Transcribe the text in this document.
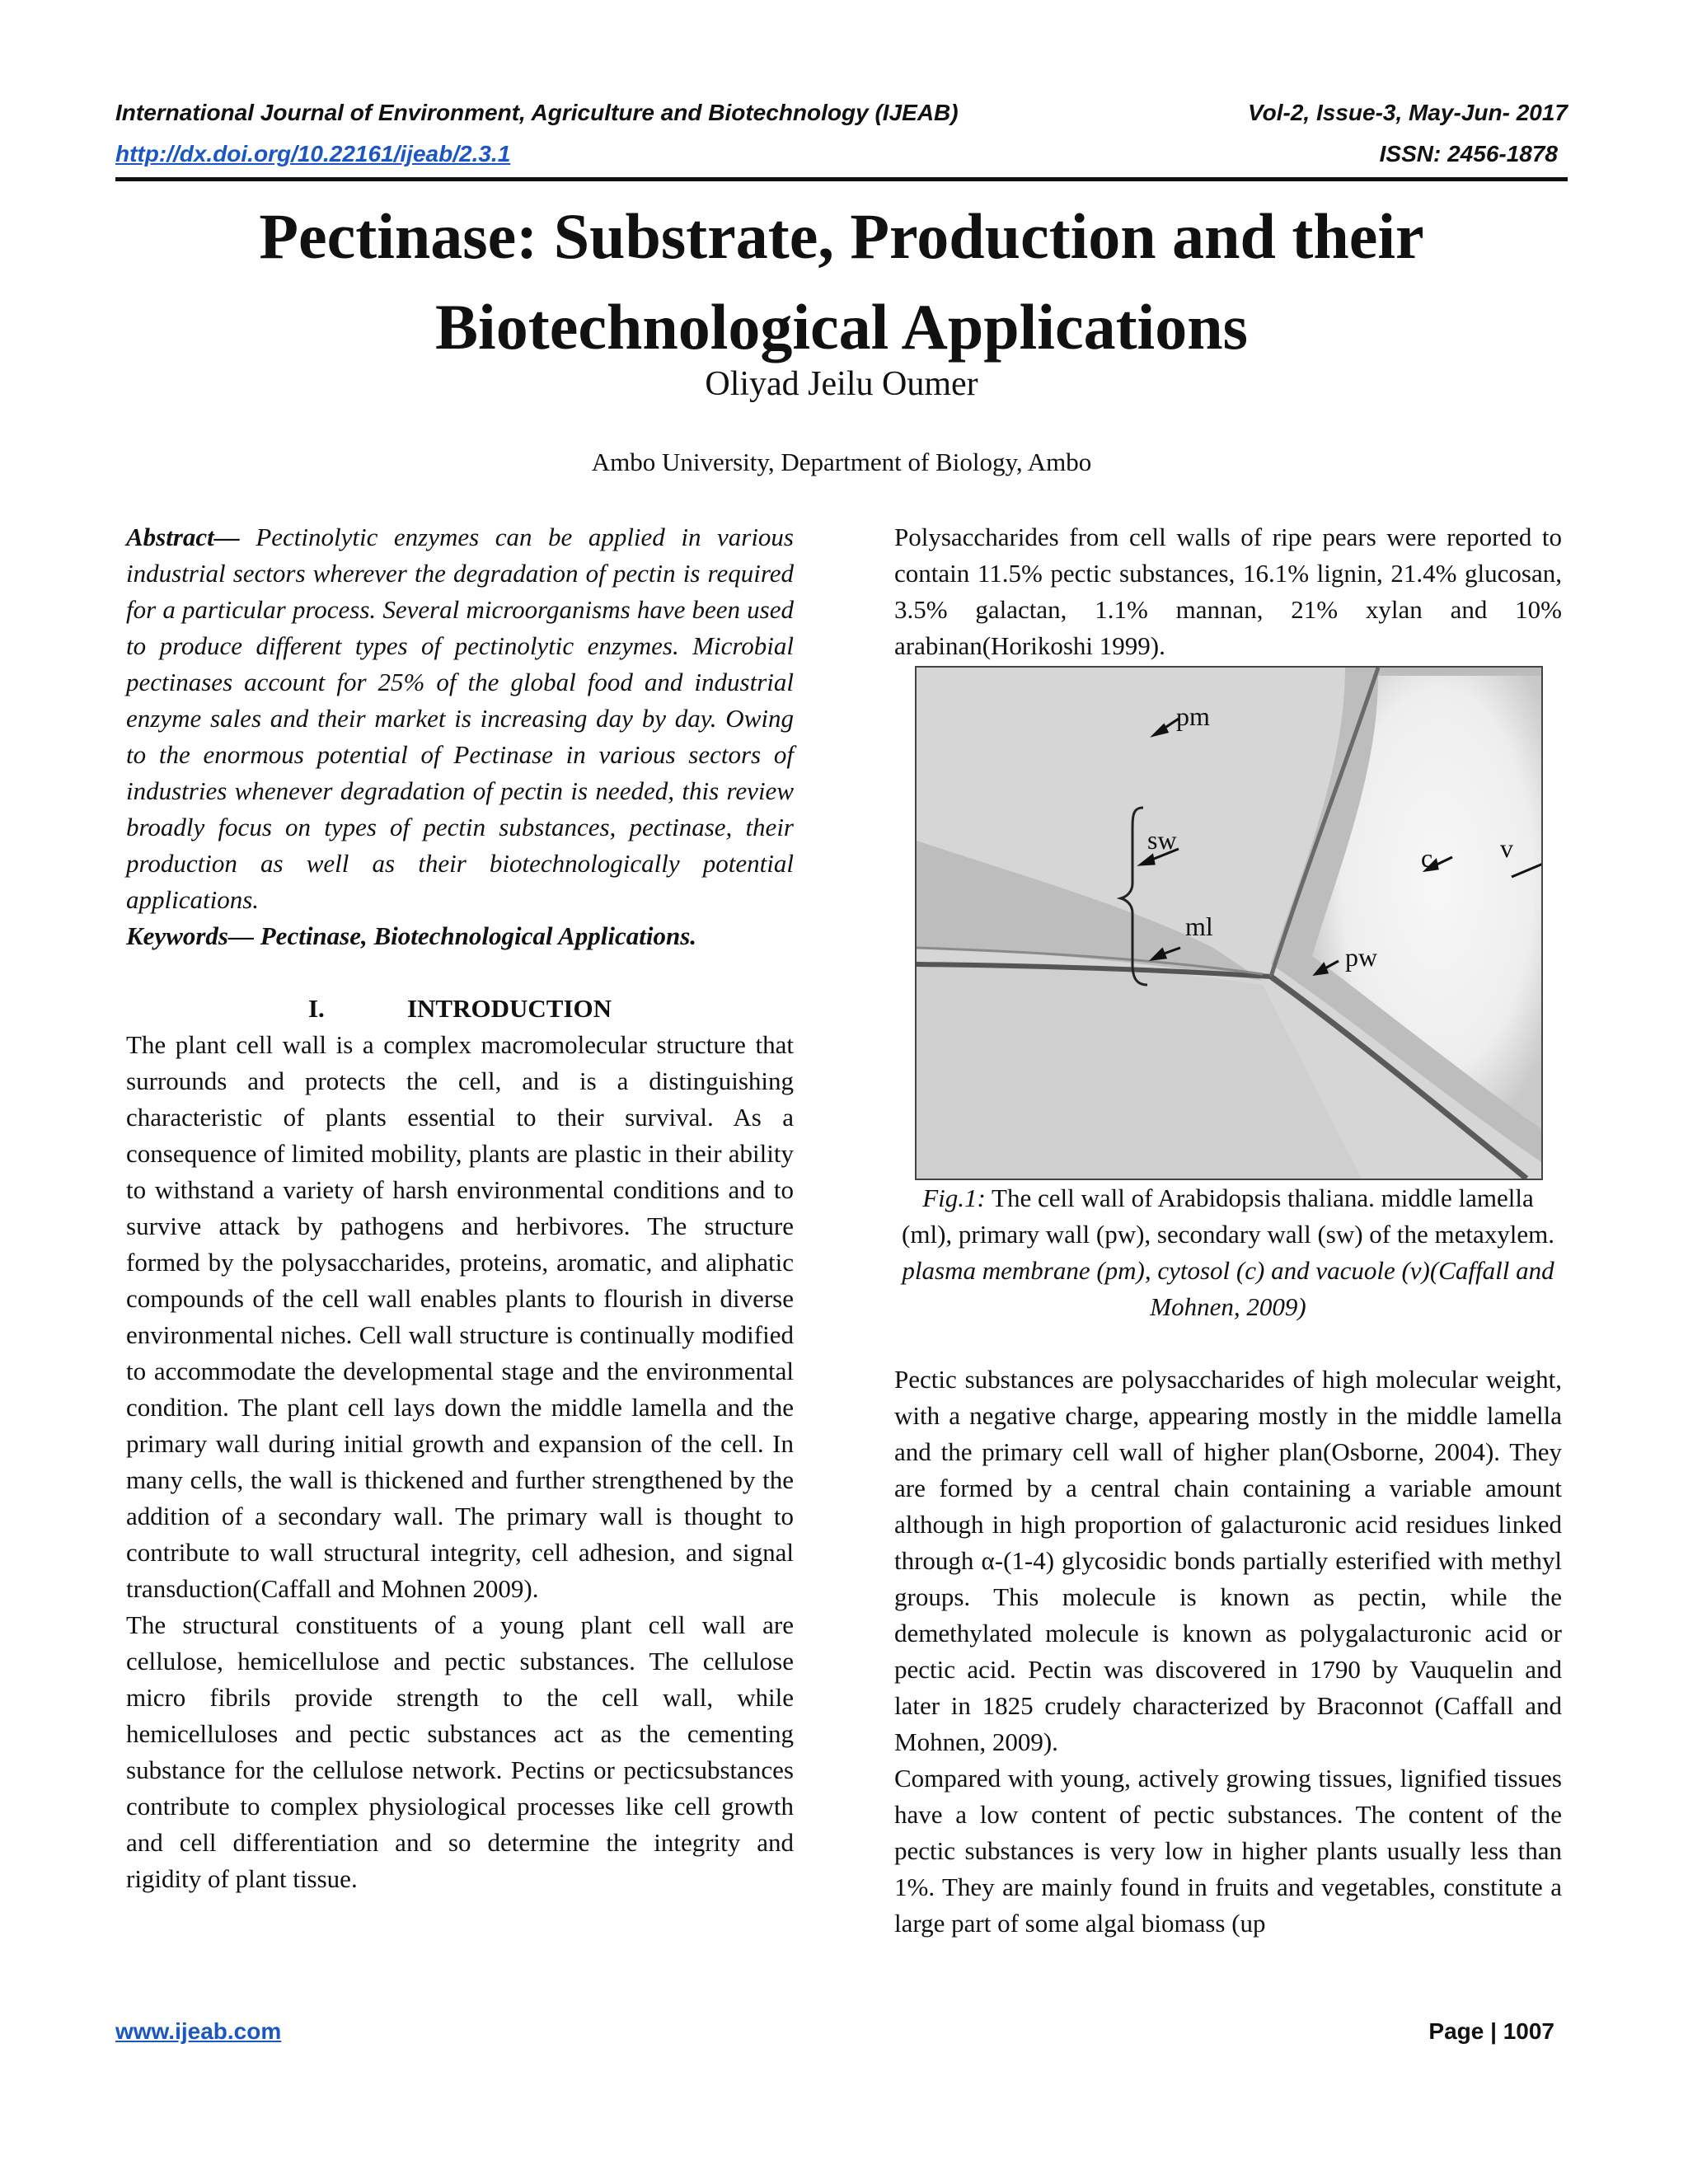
International Journal of Environment, Agriculture and Biotechnology (IJEAB)	Vol-2, Issue-3, May-Jun- 2017
http://dx.doi.org/10.22161/ijeab/2.3.1	ISSN: 2456-1878
Pectinase: Substrate, Production and their
Biotechnological Applications
Oliyad Jeilu Oumer
Ambo University, Department of Biology, Ambo

Abstract— Pectinolytic enzymes can be applied in various industrial sectors wherever the degradation of pectin is required for a particular process. Several microorganisms have been used to produce different types of pectinolytic enzymes. Microbial pectinases account for 25% of the global food and industrial enzyme sales and their market is increasing day by day. Owing to the enormous potential of Pectinase in various sectors of industries whenever degradation of pectin is needed, this review broadly focus on types of pectin substances, pectinase, their production as well as their biotechnologically potential applications.

Keywords— Pectinase, Biotechnological Applications.

I.	INTRODUCTION

The plant cell wall is a complex macromolecular structure that surrounds and protects the cell, and is a distinguishing characteristic of plants essential to their survival. As a consequence of limited mobility, plants are plastic in their ability to withstand a variety of harsh environmental conditions and to survive attack by pathogens and herbivores. The structure formed by the polysaccharides, proteins, aromatic, and aliphatic compounds of the cell wall enables plants to flourish in diverse environmental niches. Cell wall structure is continually modified to accommodate the developmental stage and the environmental condition. The plant cell lays down the middle lamella and the primary wall during initial growth and expansion of the cell. In many cells, the wall is thickened and further strengthened by the addition of a secondary wall. The primary wall is thought to contribute to wall structural integrity, cell adhesion, and signal transduction(Caffall and Mohnen 2009).

The structural constituents of a young plant cell wall are cellulose, hemicellulose and pectic substances. The cellulose micro fibrils provide strength to the cell wall, while hemicelluloses and pectic substances act as the cementing substance for the cellulose network. Pectins or pecticsubstances contribute to complex physiological processes like cell growth and cell differentiation and so determine the integrity and rigidity of plant tissue.

Polysaccharides from cell walls of ripe pears were reported to contain 11.5% pectic substances, 16.1% lignin, 21.4% glucosan, 3.5% galactan, 1.1% mannan, 21% xylan and 10% arabinan(Horikoshi 1999).

pm
sw
c	v
ml
pw
Fig.1: The cell wall of Arabidopsis thaliana. middle lamella (ml), primary wall (pw), secondary wall (sw) of the metaxylem. plasma membrane (pm), cytosol (c) and vacuole (v)(Caffall and Mohnen, 2009)

Pectic substances are polysaccharides of high molecular weight, with a negative charge, appearing mostly in the middle lamella and the primary cell wall of higher plan(Osborne, 2004). They are formed by a central chain containing a variable amount although in high proportion of galacturonic acid residues linked through α-(1-4) glycosidic bonds partially esterified with methyl groups. This molecule is known as pectin, while the demethylated molecule is known as polygalacturonic acid or pectic acid. Pectin was discovered in 1790 by Vauquelin and later in 1825 crudely characterized by Braconnot (Caffall and Mohnen, 2009).

Compared with young, actively growing tissues, lignified tissues have a low content of pectic substances. The content of the pectic substances is very low in higher plants usually less than 1%. They are mainly found in fruits and vegetables, constitute a large part of some algal biomass (up

www.ijeab.com	Page | 1007
